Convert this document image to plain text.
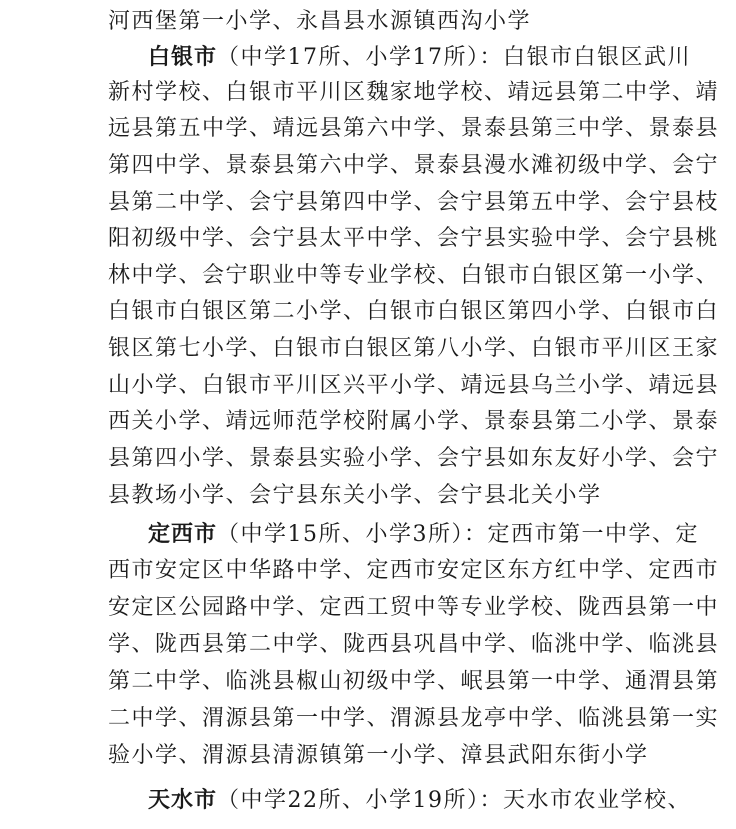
河西堡第一小学、永昌县水源镇西沟小学
白银市（中学17所、小学17所）：白银市白银区武川
新村学校、白银市平川区魏家地学校、靖远县第二中学、靖
远县第五中学、靖远县第六中学、景泰县第三中学、景泰县
第四中学、景泰县第六中学、景泰县漫水滩初级中学、会宁
县第二中学、会宁县第四中学、会宁县第五中学、会宁县枝
阳初级中学、会宁县太平中学、会宁县实验中学、会宁县桃
林中学、会宁职业中等专业学校、白银市白银区第一小学、
白银市白银区第二小学、白银市白银区第四小学、白银市白
银区第七小学、白银市白银区第八小学、白银市平川区王家
山小学、白银市平川区兴平小学、靖远县乌兰小学、靖远县
西关小学、靖远师范学校附属小学、景泰县第二小学、景泰
县第四小学、景泰县实验小学、会宁县如东友好小学、会宁
县教场小学、会宁县东关小学、会宁县北关小学
定西市（中学15所、小学3所）：定西市第一中学、定
西市安定区中华路中学、定西市安定区东方红中学、定西市
安定区公园路中学、定西工贸中等专业学校、陇西县第一中
学、陇西县第二中学、陇西县巩昌中学、临洮中学、临洮县
第二中学、临洮县椒山初级中学、岷县第一中学、通渭县第
二中学、渭源县第一中学、渭源县龙亭中学、临洮县第一实
验小学、渭源县清源镇第一小学、漳县武阳东街小学
天水市（中学22所、小学19所）：天水市农业学校、
